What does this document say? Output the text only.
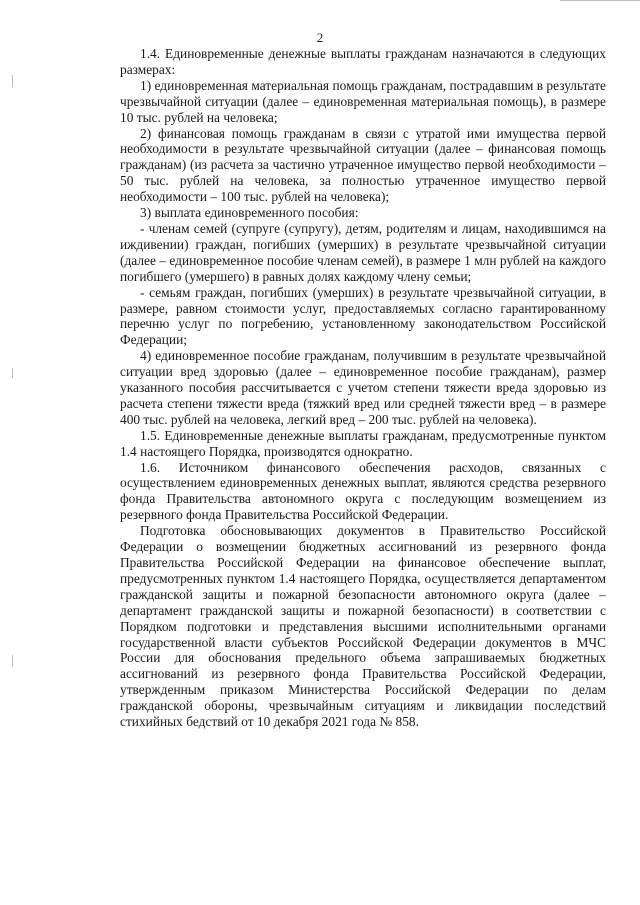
2

1.4. Единовременные денежные выплаты гражданам назначаются в следующих размерах:

1) единовременная материальная помощь гражданам, пострадавшим в результате чрезвычайной ситуации (далее – единовременная материальная помощь), в размере 10 тыс. рублей на человека;

2) финансовая помощь гражданам в связи с утратой ими имущества первой необходимости в результате чрезвычайной ситуации (далее – финансовая помощь гражданам) (из расчета за частично утраченное имущество первой необходимости – 50 тыс. рублей на человека, за полностью утраченное имущество первой необходимости – 100 тыс. рублей на человека);

3) выплата единовременного пособия:

- членам семей (супруге (супругу), детям, родителям и лицам, находившимся на иждивении) граждан, погибших (умерших) в результате чрезвычайной ситуации (далее – единовременное пособие членам семей), в размере 1 млн рублей на каждого погибшего (умершего) в равных долях каждому члену семьи;

- семьям граждан, погибших (умерших) в результате чрезвычайной ситуации, в размере, равном стоимости услуг, предоставляемых согласно гарантированному перечню услуг по погребению, установленному законодательством Российской Федерации;

4) единовременное пособие гражданам, получившим в результате чрезвычайной ситуации вред здоровью (далее – единовременное пособие гражданам), размер указанного пособия рассчитывается с учетом степени тяжести вреда здоровью из расчета степени тяжести вреда (тяжкий вред или средней тяжести вред – в размере 400 тыс. рублей на человека, легкий вред – 200 тыс. рублей на человека).

1.5. Единовременные денежные выплаты гражданам, предусмотренные пунктом 1.4 настоящего Порядка, производятся однократно.

1.6. Источником финансового обеспечения расходов, связанных с осуществлением единовременных денежных выплат, являются средства резервного фонда Правительства автономного округа с последующим возмещением из резервного фонда Правительства Российской Федерации.

Подготовка обосновывающих документов в Правительство Российской Федерации о возмещении бюджетных ассигнований из резервного фонда Правительства Российской Федерации на финансовое обеспечение выплат, предусмотренных пунктом 1.4 настоящего Порядка, осуществляется департаментом гражданской защиты и пожарной безопасности автономного округа (далее – департамент гражданской защиты и пожарной безопасности) в соответствии с Порядком подготовки и представления высшими исполнительными органами государственной власти субъектов Российской Федерации документов в МЧС России для обоснования предельного объема запрашиваемых бюджетных ассигнований из резервного фонда Правительства Российской Федерации, утвержденным приказом Министерства Российской Федерации по делам гражданской обороны, чрезвычайным ситуациям и ликвидации последствий стихийных бедствий от 10 декабря 2021 года № 858.
